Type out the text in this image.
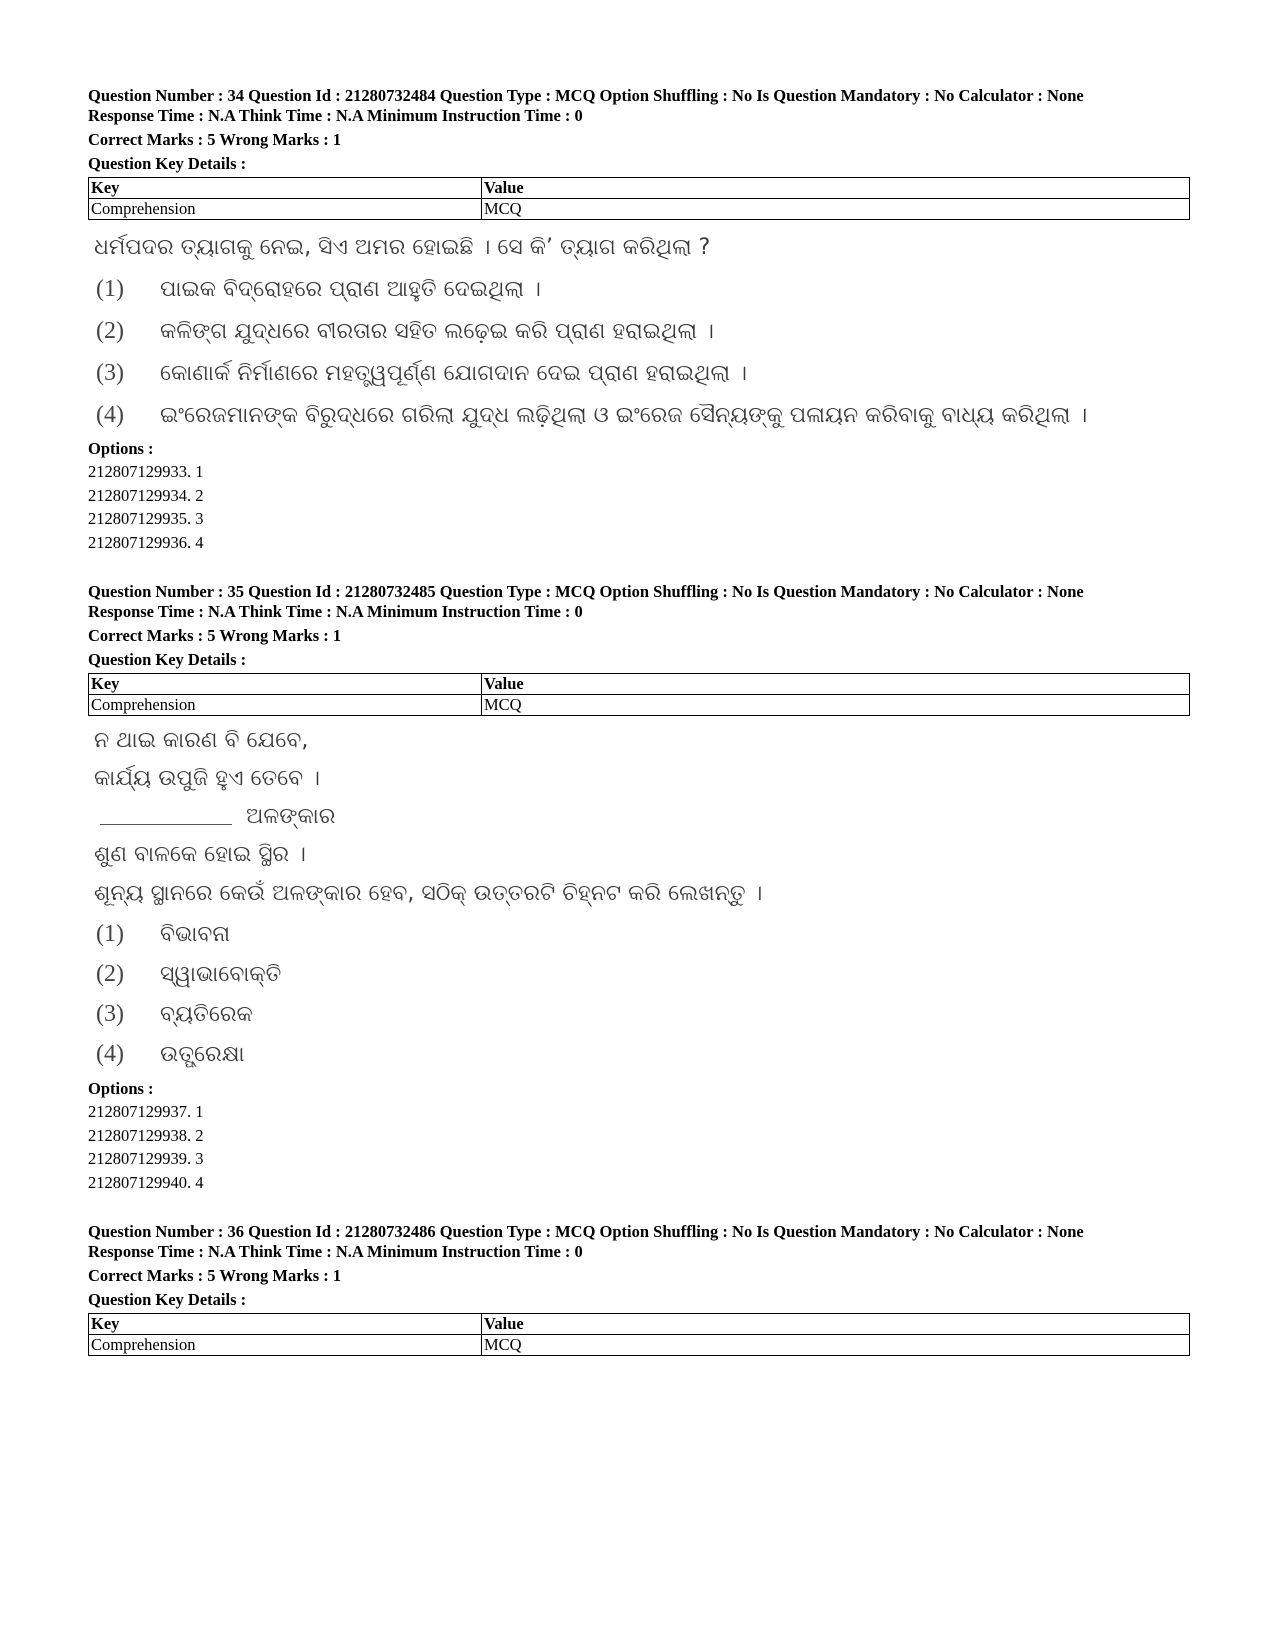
Question Number : 34 Question Id : 21280732484 Question Type : MCQ Option Shuffling : No Is Question Mandatory : No Calculator : None
Response Time : N.A Think Time : N.A Minimum Instruction Time : 0
Correct Marks : 5 Wrong Marks : 1
Question Key Details :
Key	Value
Comprehension	MCQ
ଧର୍ମପଦର ତ୍ୟାଗକୁ ନେଇ, ସିଏ ଅମର ହୋଇଛି । ସେ କି’ ତ୍ୟାଗ କରିଥିଲା ?
(1) ପାଇକ ବିଦ୍ରୋହରେ ପ୍ରାଣ ଆହୁତି ଦେଇଥିଲା ।
(2) କଳିଙ୍ଗ ଯୁଦ୍ଧରେ ବୀରତାର ସହିତ ଲଢ଼େଇ କରି ପ୍ରାଣ ହରାଇଥିଲା ।
(3) କୋଣାର୍କ ନିର୍ମାଣରେ ମହତ୍ତ୍ୱପୂର୍ଣ୍ଣ ଯୋଗଦାନ ଦେଇ ପ୍ରାଣ ହରାଇଥିଲା ।
(4) ଇଂରେଜମାନଙ୍କ ବିରୁଦ୍ଧରେ ଗରିଲା ଯୁଦ୍ଧ ଲଢ଼ିଥିଲା ଓ ଇଂରେଜ ସୈନ୍ୟଙ୍କୁ ପଳାୟନ କରିବାକୁ ବାଧ୍ୟ କରିଥିଲା ।
Options :
212807129933. 1
212807129934. 2
212807129935. 3
212807129936. 4
Question Number : 35 Question Id : 21280732485 Question Type : MCQ Option Shuffling : No Is Question Mandatory : No Calculator : None
Response Time : N.A Think Time : N.A Minimum Instruction Time : 0
Correct Marks : 5 Wrong Marks : 1
Question Key Details :
Key	Value
Comprehension	MCQ
ନ ଥାଇ କାରଣ ବି ଯେବେ,
କାର୍ଯ୍ୟ ଉପୁଜି ହୁଏ ତେବେ ।
ଅଳଙ୍କାର
ଶୁଣ ବାଳକେ ହୋଇ ସ୍ଥିର ।
ଶୂନ୍ୟ ସ୍ଥାନରେ କେଉଁ ଅଳଙ୍କାର ହେବ, ସଠିକ୍ ଉତ୍ତରଟି ଚିହ୍ନଟ କରି ଲେଖନ୍ତୁ ।
(1) ବିଭାବନା
(2) ସ୍ୱାଭାବୋକ୍ତି
(3) ବ୍ୟତିରେକ
(4) ଉତ୍ପ୍ରେକ୍ଷା
Options :
212807129937. 1
212807129938. 2
212807129939. 3
212807129940. 4
Question Number : 36 Question Id : 21280732486 Question Type : MCQ Option Shuffling : No Is Question Mandatory : No Calculator : None
Response Time : N.A Think Time : N.A Minimum Instruction Time : 0
Correct Marks : 5 Wrong Marks : 1
Question Key Details :
Key	Value
Comprehension	MCQ
